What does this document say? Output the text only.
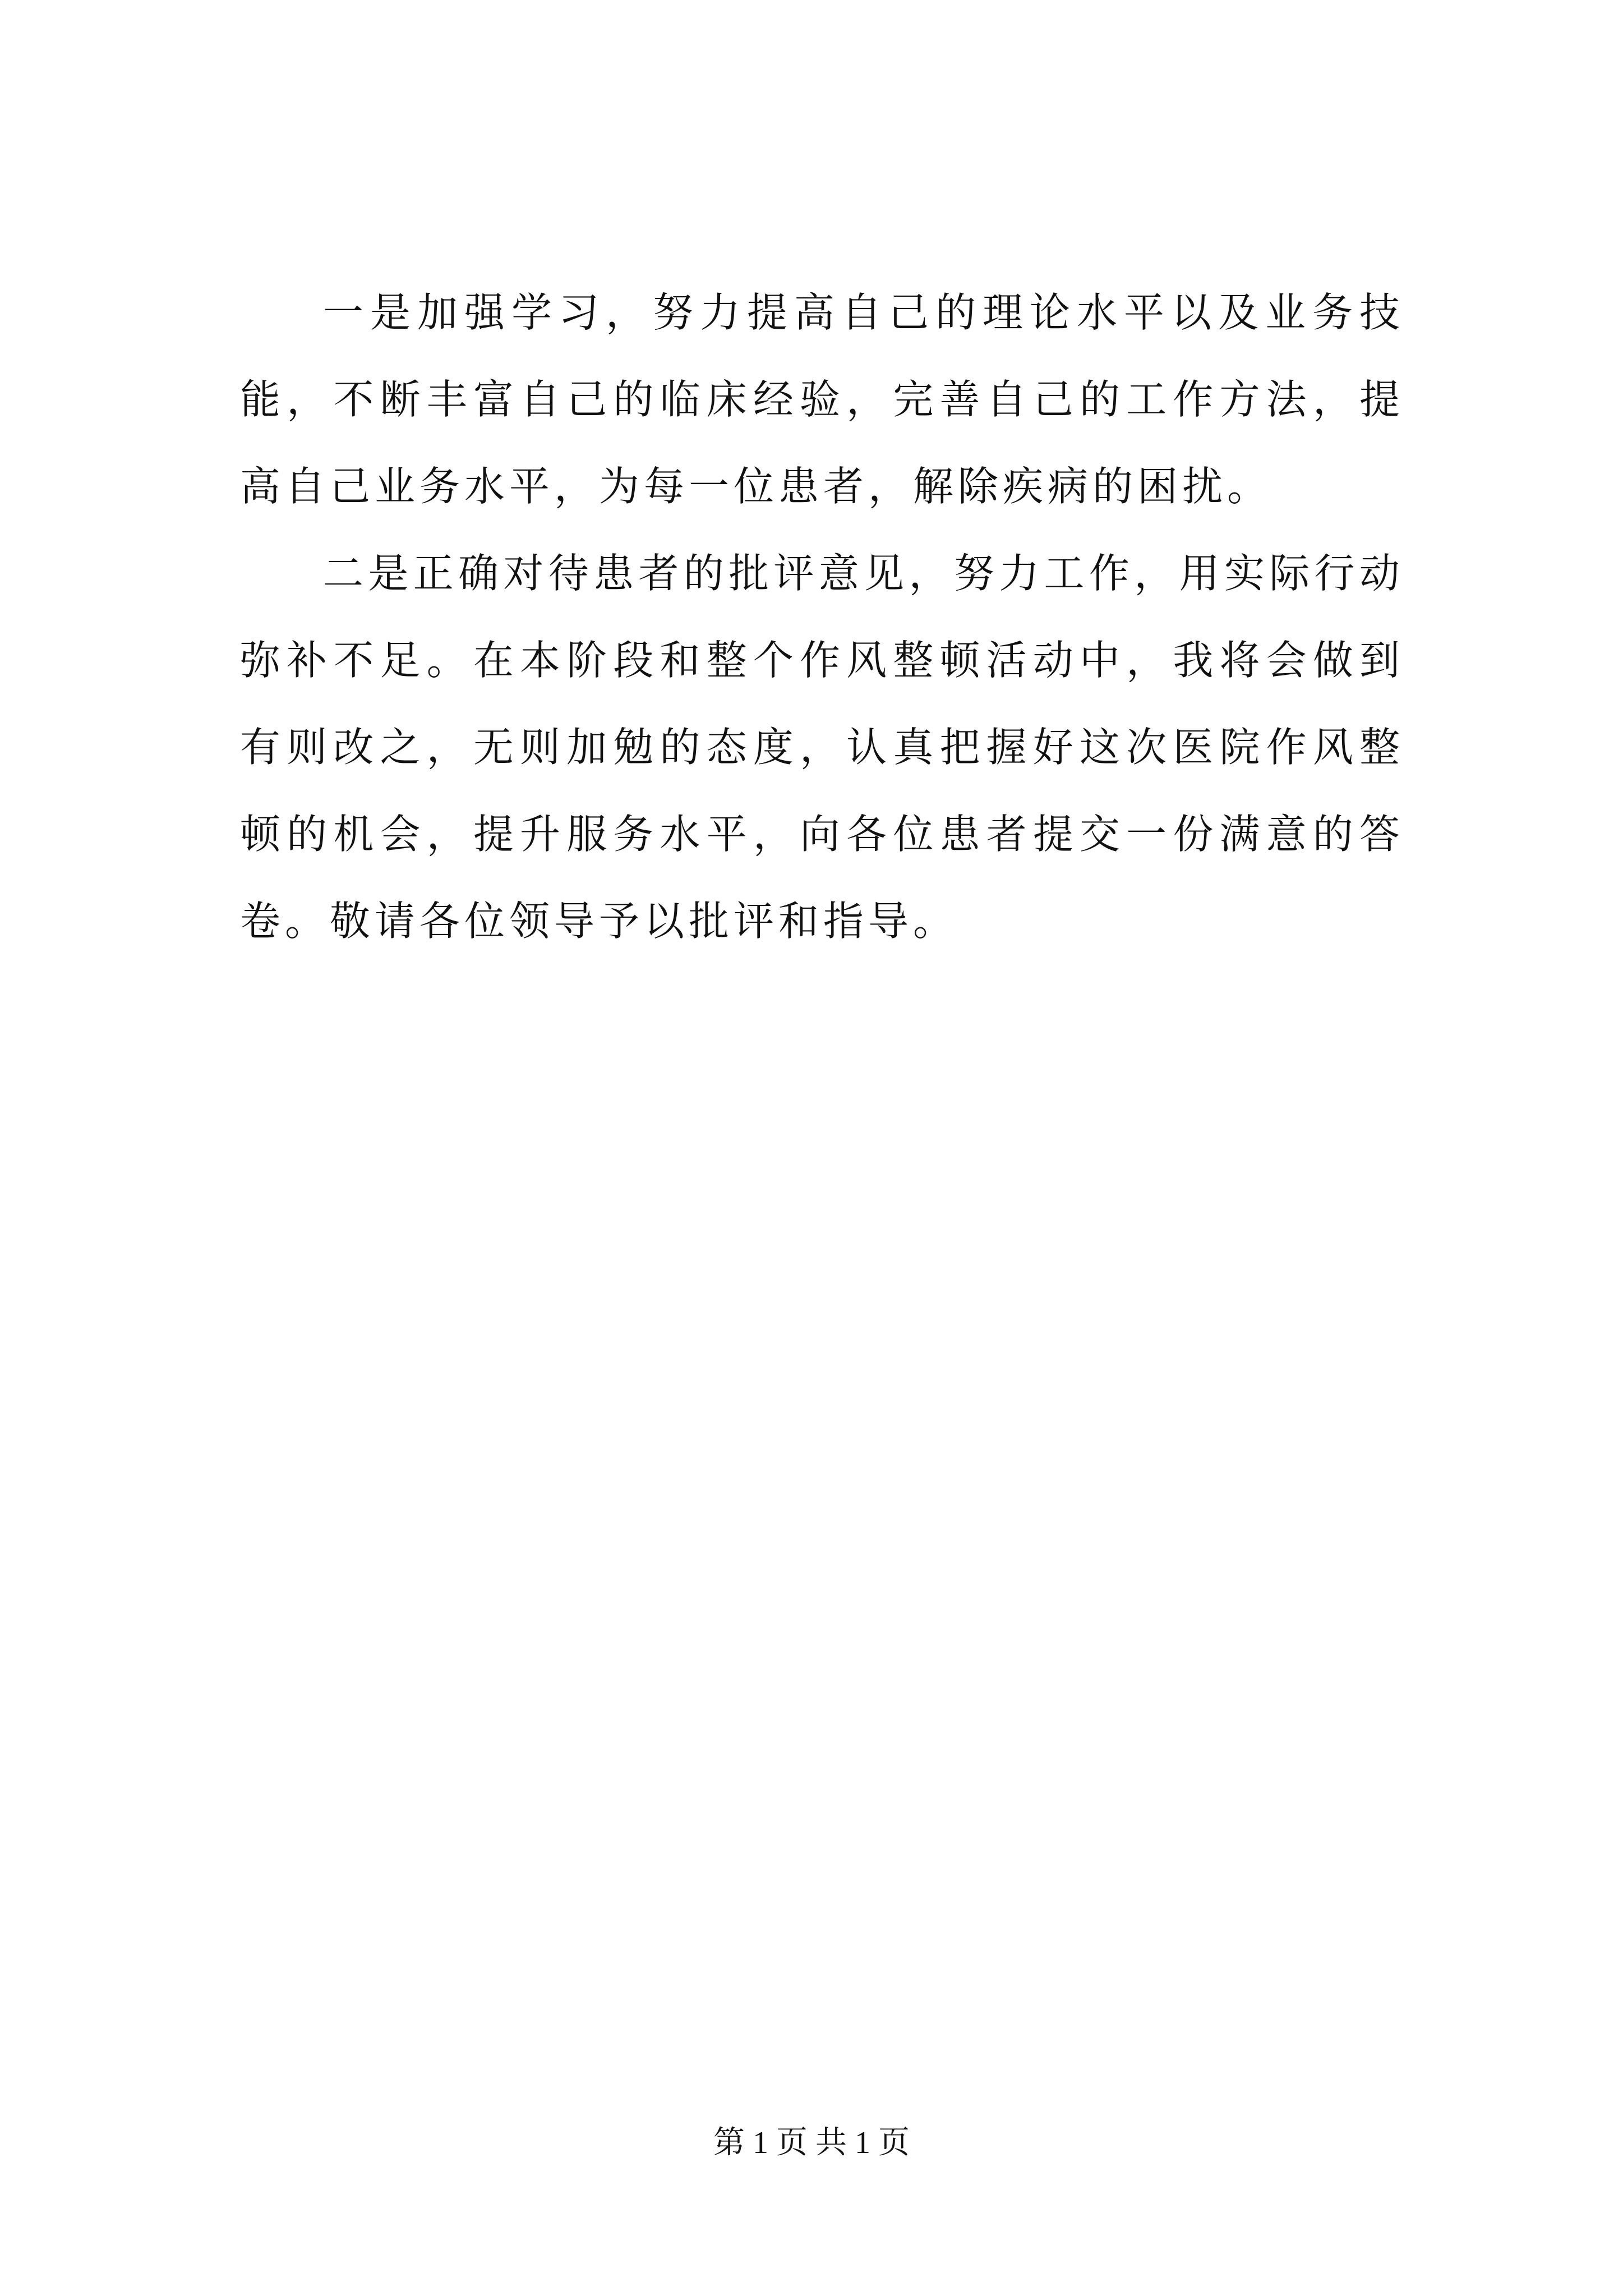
一是加强学习，努力提高自己的理论水平以及业务技能，不断丰富自己的临床经验，完善自己的工作方法，提高自己业务水平，为每一位患者，解除疾病的困扰。

二是正确对待患者的批评意见，努力工作，用实际行动弥补不足。在本阶段和整个作风整顿活动中，我将会做到有则改之，无则加勉的态度，认真把握好这次医院作风整顿的机会，提升服务水平，向各位患者提交一份满意的答卷。敬请各位领导予以批评和指导。

第 1 页 共 1 页
